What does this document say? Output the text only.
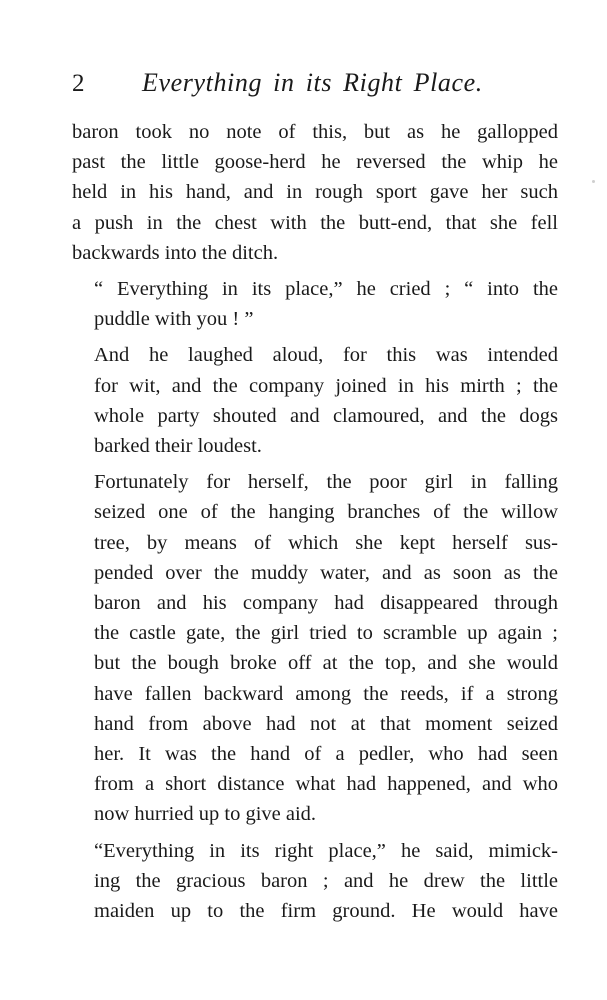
2 Everything in its Right Place.

baron took no note of this, but as he gallopped
past the little goose-herd he reversed the whip he
held in his hand, and in rough sport gave her such
a push in the chest with the butt-end, that she fell
backwards into the ditch.

“ Everything in its place,” he cried ; “ into the
puddle with you ! ”

And he laughed aloud, for this was intended
for wit, and the company joined in his mirth ; the
whole party shouted and clamoured, and the dogs
barked their loudest.

Fortunately for herself, the poor girl in falling
seized one of the hanging branches of the willow
tree, by means of which she kept herself sus-
pended over the muddy water, and as soon as the
baron and his company had disappeared through
the castle gate, the girl tried to scramble up again ;
but the bough broke off at the top, and she would
have fallen backward among the reeds, if a strong
hand from above had not at that moment seized
her. It was the hand of a pedler, who had seen
from a short distance what had happened, and who
now hurried up to give aid.

“Everything in its right place,” he said, mimick-
ing the gracious baron ; and he drew the little
maiden up to the firm ground. He would have
